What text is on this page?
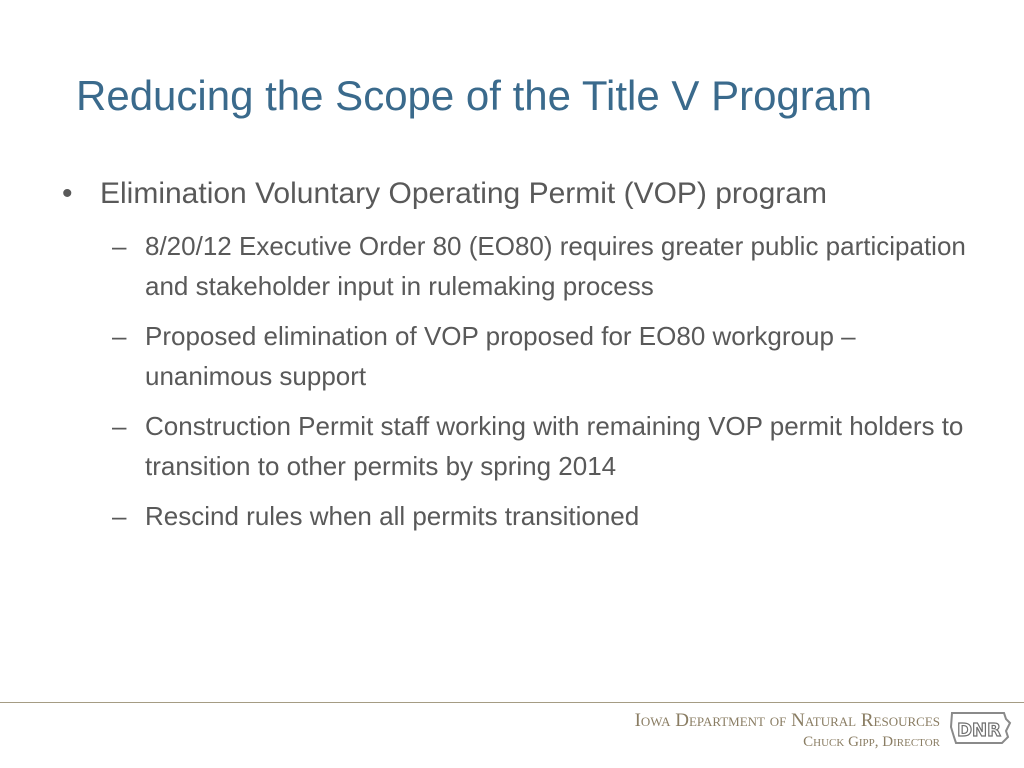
Reducing the Scope of the Title V Program
• Elimination Voluntary Operating Permit (VOP) program
– 8/20/12 Executive Order 80 (EO80) requires greater public participation and stakeholder input in rulemaking process
– Proposed elimination of VOP proposed for EO80 workgroup – unanimous support
– Construction Permit staff working with remaining VOP permit holders to transition to other permits by spring 2014
– Rescind rules when all permits transitioned
Iowa Department of Natural Resources
Chuck Gipp, Director
DNR
